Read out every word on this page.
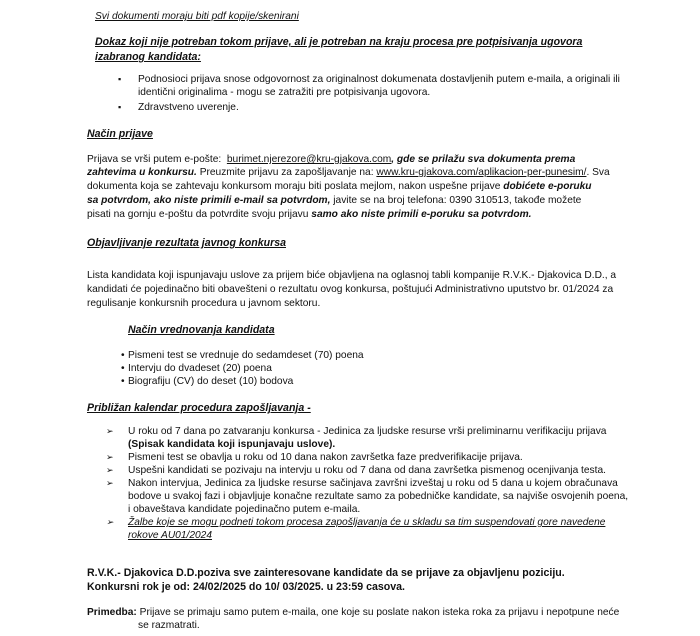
Svi dokumenti moraju biti pdf kopije/skenirani
Dokaz koji nije potreban tokom prijave, ali je potreban na kraju procesa pre potpisivanja ugovora
izabranog kandidata:
▪ Podnosioci prijava snose odgovornost za originalnost dokumenata dostavljenih putem e-maila, a originali ili
identični originalima - mogu se zatražiti pre potpisivanja ugovora.
▪ Zdravstveno uverenje.
Način prijave
Prijava se vrši putem e-pošte: burimet.njerezore@kru-gjakova.com, gde se prilažu sva dokumenta prema
zahtevima u konkursu. Preuzmite prijavu za zapošljavanje na: www.kru-gjakova.com/aplikacion-per-punesim/. Sva
dokumenta koja se zahtevaju konkursom moraju biti poslata mejlom, nakon uspešne prijave dobićete e-poruku
sa potvrdom, ako niste primili e-mail sa potvrdom, javite se na broj telefona: 0390 310513, takođe možete
pisati na gornju e-poštu da potvrdite svoju prijavu samo ako niste primili e-poruku sa potvrdom.
Objavljivanje rezultata javnog konkursa
Lista kandidata koji ispunjavaju uslove za prijem biće objavljena na oglasnoj tabli kompanije R.V.K.- Djakovica D.D., a
kandidati će pojedinačno biti obavešteni o rezultatu ovog konkursa, poštujući Administrativno uputstvo br. 01/2024 za
regulisanje konkursnih procedura u javnom sektoru.
Način vrednovanja kandidata
• Pismeni test se vrednuje do sedamdeset (70) poena
• Intervju do dvadeset (20) poena
• Biografiju (CV) do deset (10) bodova
Približan kalendar procedura zapošljavanja -
➢ U roku od 7 dana po zatvaranju konkursa - Jedinica za ljudske resurse vrši preliminarnu verifikaciju prijava
(Spisak kandidata koji ispunjavaju uslove).
➢ Pismeni test se obavlja u roku od 10 dana nakon završetka faze predverifikacije prijava.
➢ Uspešni kandidati se pozivaju na intervju u roku od 7 dana od dana završetka pismenog ocenjivanja testa.
➢ Nakon intervjua, Jedinica za ljudske resurse sačinjava završni izveštaj u roku od 5 dana u kojem obračunava
bodove u svakoj fazi i objavljuje konačne rezultate samo za pobedničke kandidate, sa najviše osvojenih poena,
i obaveštava kandidate pojedinačno putem e-maila.
➢ Žalbe koje se mogu podneti tokom procesa zapošljavanja će u skladu sa tim suspendovati gore navedene
rokove AU01/2024
R.V.K.- Djakovica D.D.poziva sve zainteresovane kandidate da se prijave za objavljenu poziciju.
Konkursni rok je od: 24/02/2025 do 10/ 03/2025. u 23:59 casova.
Primedba: Prijave se primaju samo putem e-maila, one koje su poslate nakon isteka roka za prijavu i nepotpune neće
se razmatrati.
